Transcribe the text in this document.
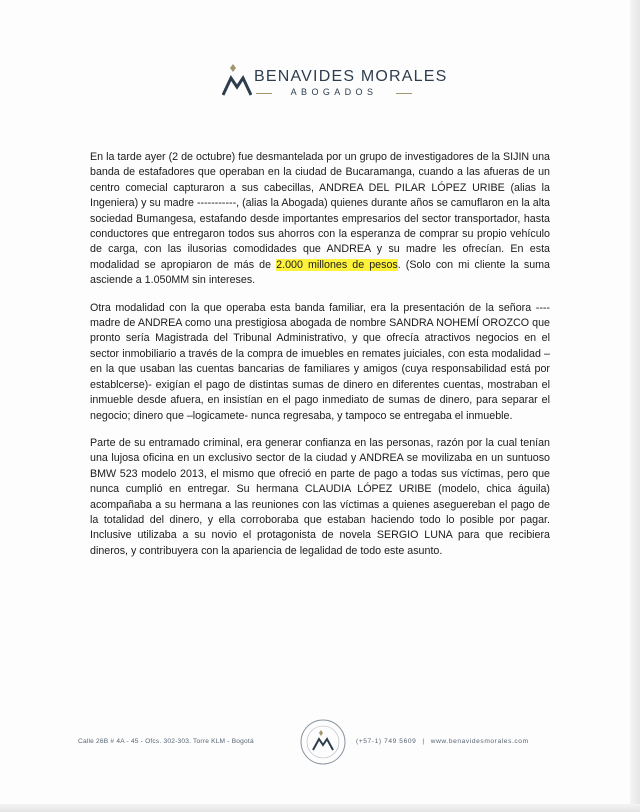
BENAVIDES MORALES
ABOGADOS

En la tarde ayer (2 de octubre) fue desmantelada por un grupo de investigadores de la SIJIN una banda de estafadores que operaban en la ciudad de Bucaramanga, cuando a las afueras de un centro comecial capturaron a sus cabecillas, ANDREA DEL PILAR LÓPEZ URIBE (alias la Ingeniera) y su madre -----------, (alias la Abogada) quienes durante años se camuflaron en la alta sociedad Bumangesa, estafando desde importantes empresarios del sector transportador, hasta conductores que entregaron todos sus ahorros con la esperanza de comprar su propio vehículo de carga, con las ilusorias comodidades que ANDREA y su madre les ofrecían. En esta modalidad se apropiaron de más de 2.000 millones de pesos. (Solo con mi cliente la suma asciende a 1.050MM sin intereses.

Otra modalidad con la que operaba esta banda familiar, era la presentación de la señora ---- madre de ANDREA como una prestigiosa abogada de nombre SANDRA NOHEMÍ OROZCO que pronto sería Magistrada del Tribunal Administrativo, y que ofrecía atractivos negocios en el sector inmobiliario a través de la compra de imuebles en remates juiciales, con esta modalidad –en la que usaban las cuentas bancarias de familiares y amigos (cuya responsabilidad está por establcerse)- exigían el pago de distintas sumas de dinero en diferentes cuentas, mostraban el inmueble desde afuera, en insistían en el pago inmediato de sumas de dinero, para separar el negocio; dinero que –logicamete- nunca regresaba, y tampoco se entregaba el inmueble.

Parte de su entramado criminal, era generar confianza en las personas, razón por la cual tenían una lujosa oficina en un exclusivo sector de la ciudad y ANDREA se movilizaba en un suntuoso BMW 523 modelo 2013, el mismo que ofreció en parte de pago a todas sus víctimas, pero que nunca cumplió en entregar. Su hermana CLAUDIA LÓPEZ URIBE (modelo, chica águila) acompañaba a su hermana a las reuniones con las víctimas a quienes aseguereban el pago de la totalidad del dinero, y ella corroboraba que estaban haciendo todo lo posible por pagar. Inclusive utilizaba a su novio el protagonista de novela SERGIO LUNA para que recibiera dineros, y contribuyera con la apariencia de legalidad de todo este asunto.

Calle 26B # 4A - 45 - Ofcs. 302-303. Torre KLM - Bogotá	(+57-1) 749 5609 | www.benavidesmorales.com
